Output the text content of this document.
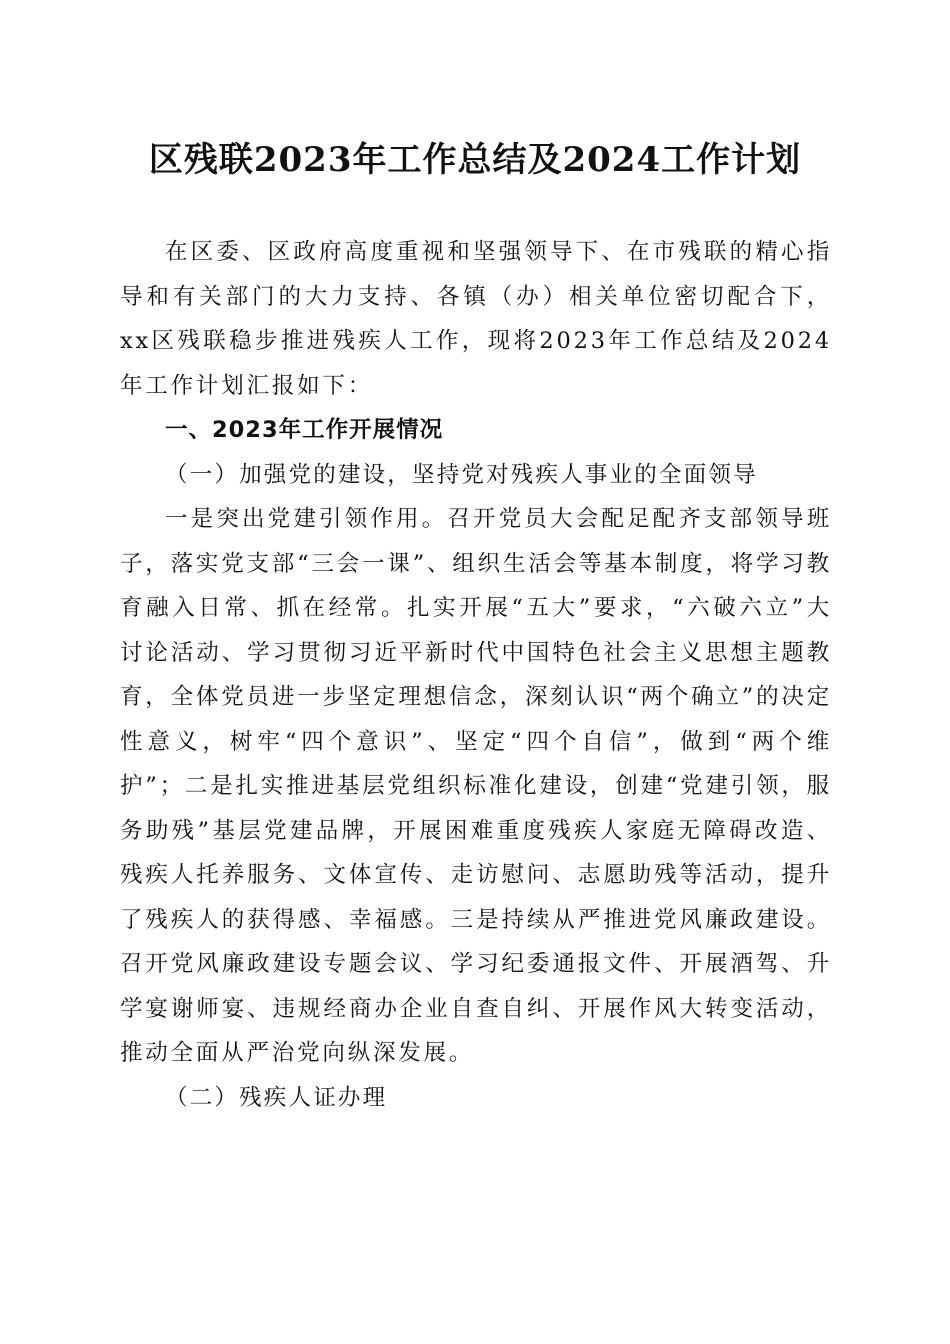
区残联2023年工作总结及2024工作计划

在区委、区政府高度重视和坚强领导下、在市残联的精心指导和有关部门的大力支持、各镇（办）相关单位密切配合下，xx区残联稳步推进残疾人工作，现将2023年工作总结及2024年工作计划汇报如下：

一、2023年工作开展情况

（一）加强党的建设，坚持党对残疾人事业的全面领导

一是突出党建引领作用。召开党员大会配足配齐支部领导班子，落实党支部“三会一课”、组织生活会等基本制度，将学习教育融入日常、抓在经常。扎实开展“五大”要求，“六破六立”大讨论活动、学习贯彻习近平新时代中国特色社会主义思想主题教育，全体党员进一步坚定理想信念，深刻认识“两个确立”的决定性意义，树牢“四个意识”、坚定“四个自信”，做到“两个维护”；二是扎实推进基层党组织标准化建设，创建“党建引领，服务助残”基层党建品牌，开展困难重度残疾人家庭无障碍改造、残疾人托养服务、文体宣传、走访慰问、志愿助残等活动，提升了残疾人的获得感、幸福感。三是持续从严推进党风廉政建设。召开党风廉政建设专题会议、学习纪委通报文件、开展酒驾、升学宴谢师宴、违规经商办企业自查自纠、开展作风大转变活动，推动全面从严治党向纵深发展。

（二）残疾人证办理
